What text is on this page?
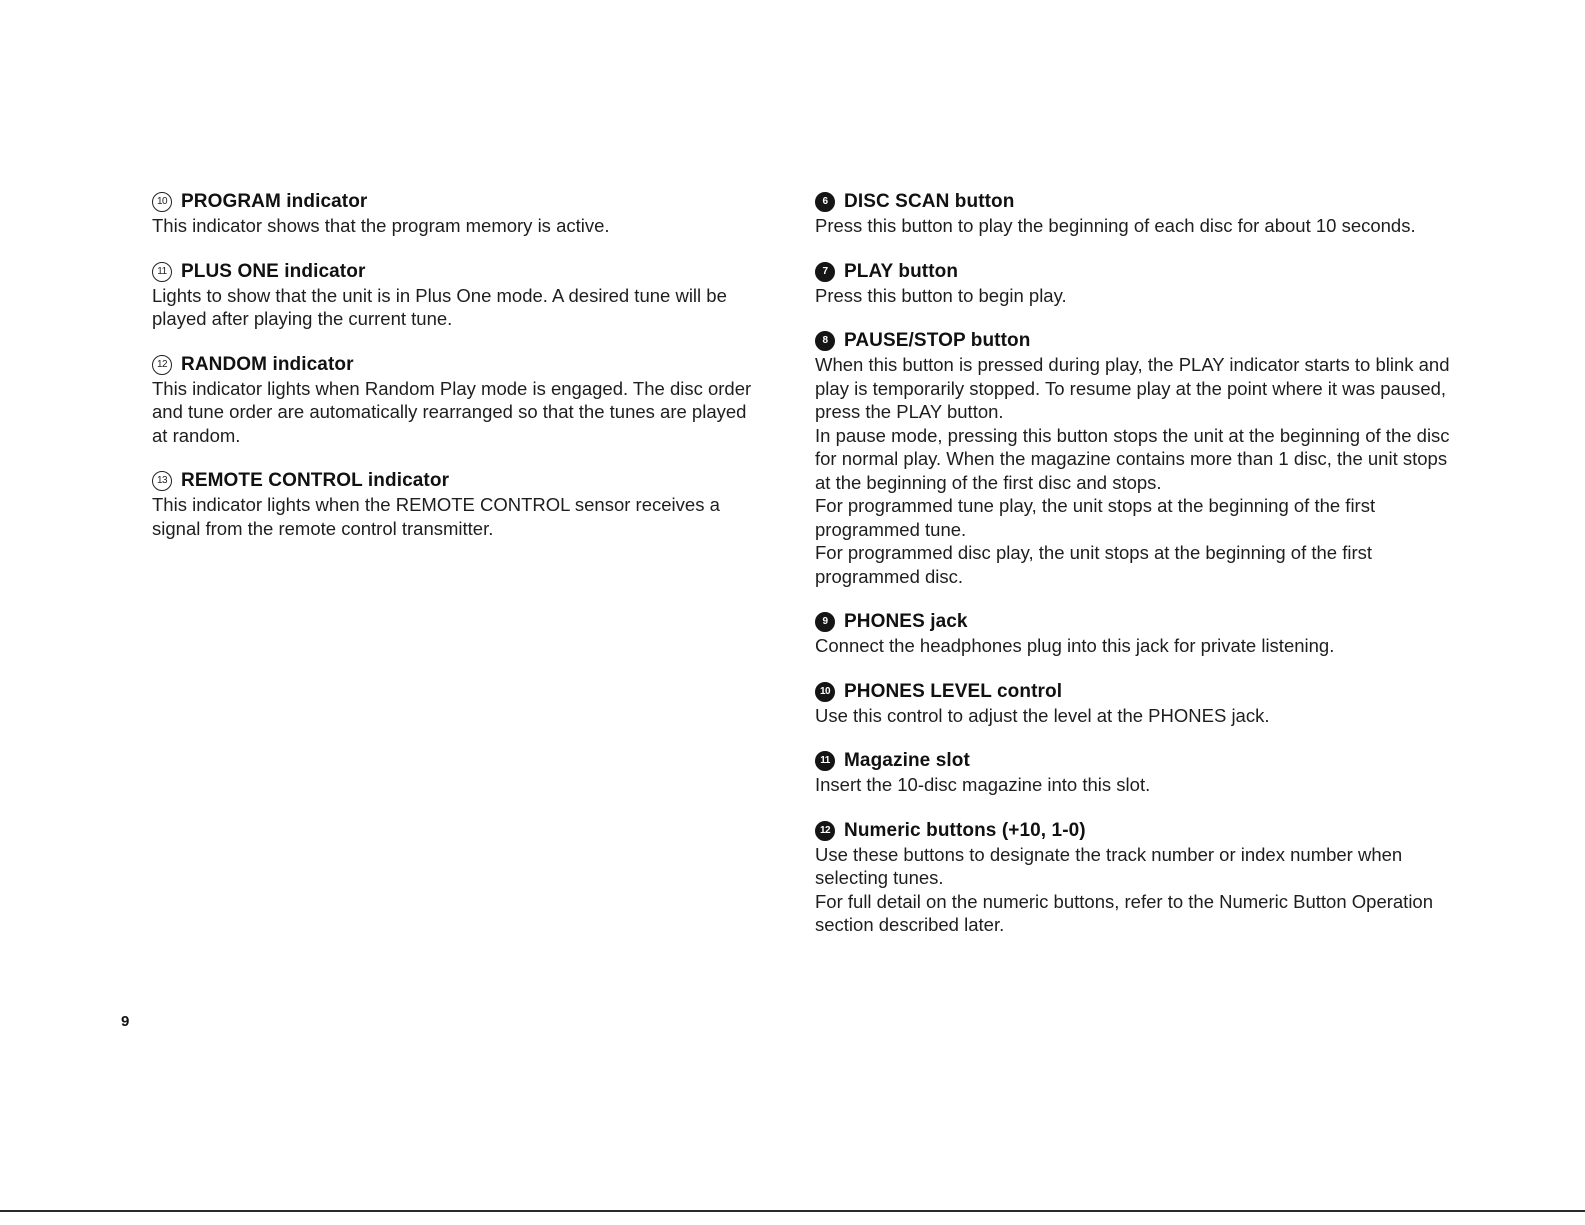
10 PROGRAM indicator
This indicator shows that the program memory is active.
11 PLUS ONE indicator
Lights to show that the unit is in Plus One mode. A desired tune will be played after playing the current tune.
12 RANDOM indicator
This indicator lights when Random Play mode is engaged. The disc order and tune order are automatically rearranged so that the tunes are played at random.
13 REMOTE CONTROL indicator
This indicator lights when the REMOTE CONTROL sensor receives a signal from the remote control transmitter.
6 DISC SCAN button
Press this button to play the beginning of each disc for about 10 seconds.
7 PLAY button
Press this button to begin play.
8 PAUSE/STOP button
When this button is pressed during play, the PLAY indicator starts to blink and play is temporarily stopped. To resume play at the point where it was paused, press the PLAY button.
In pause mode, pressing this button stops the unit at the beginning of the disc for normal play. When the magazine contains more than 1 disc, the unit stops at the beginning of the first disc and stops.
For programmed tune play, the unit stops at the beginning of the first programmed tune.
For programmed disc play, the unit stops at the beginning of the first programmed disc.
9 PHONES jack
Connect the headphones plug into this jack for private listening.
10 PHONES LEVEL control
Use this control to adjust the level at the PHONES jack.
11 Magazine slot
Insert the 10-disc magazine into this slot.
12 Numeric buttons (+10, 1-0)
Use these buttons to designate the track number or index number when selecting tunes.
For full detail on the numeric buttons, refer to the Numeric Button Operation section described later.
9
